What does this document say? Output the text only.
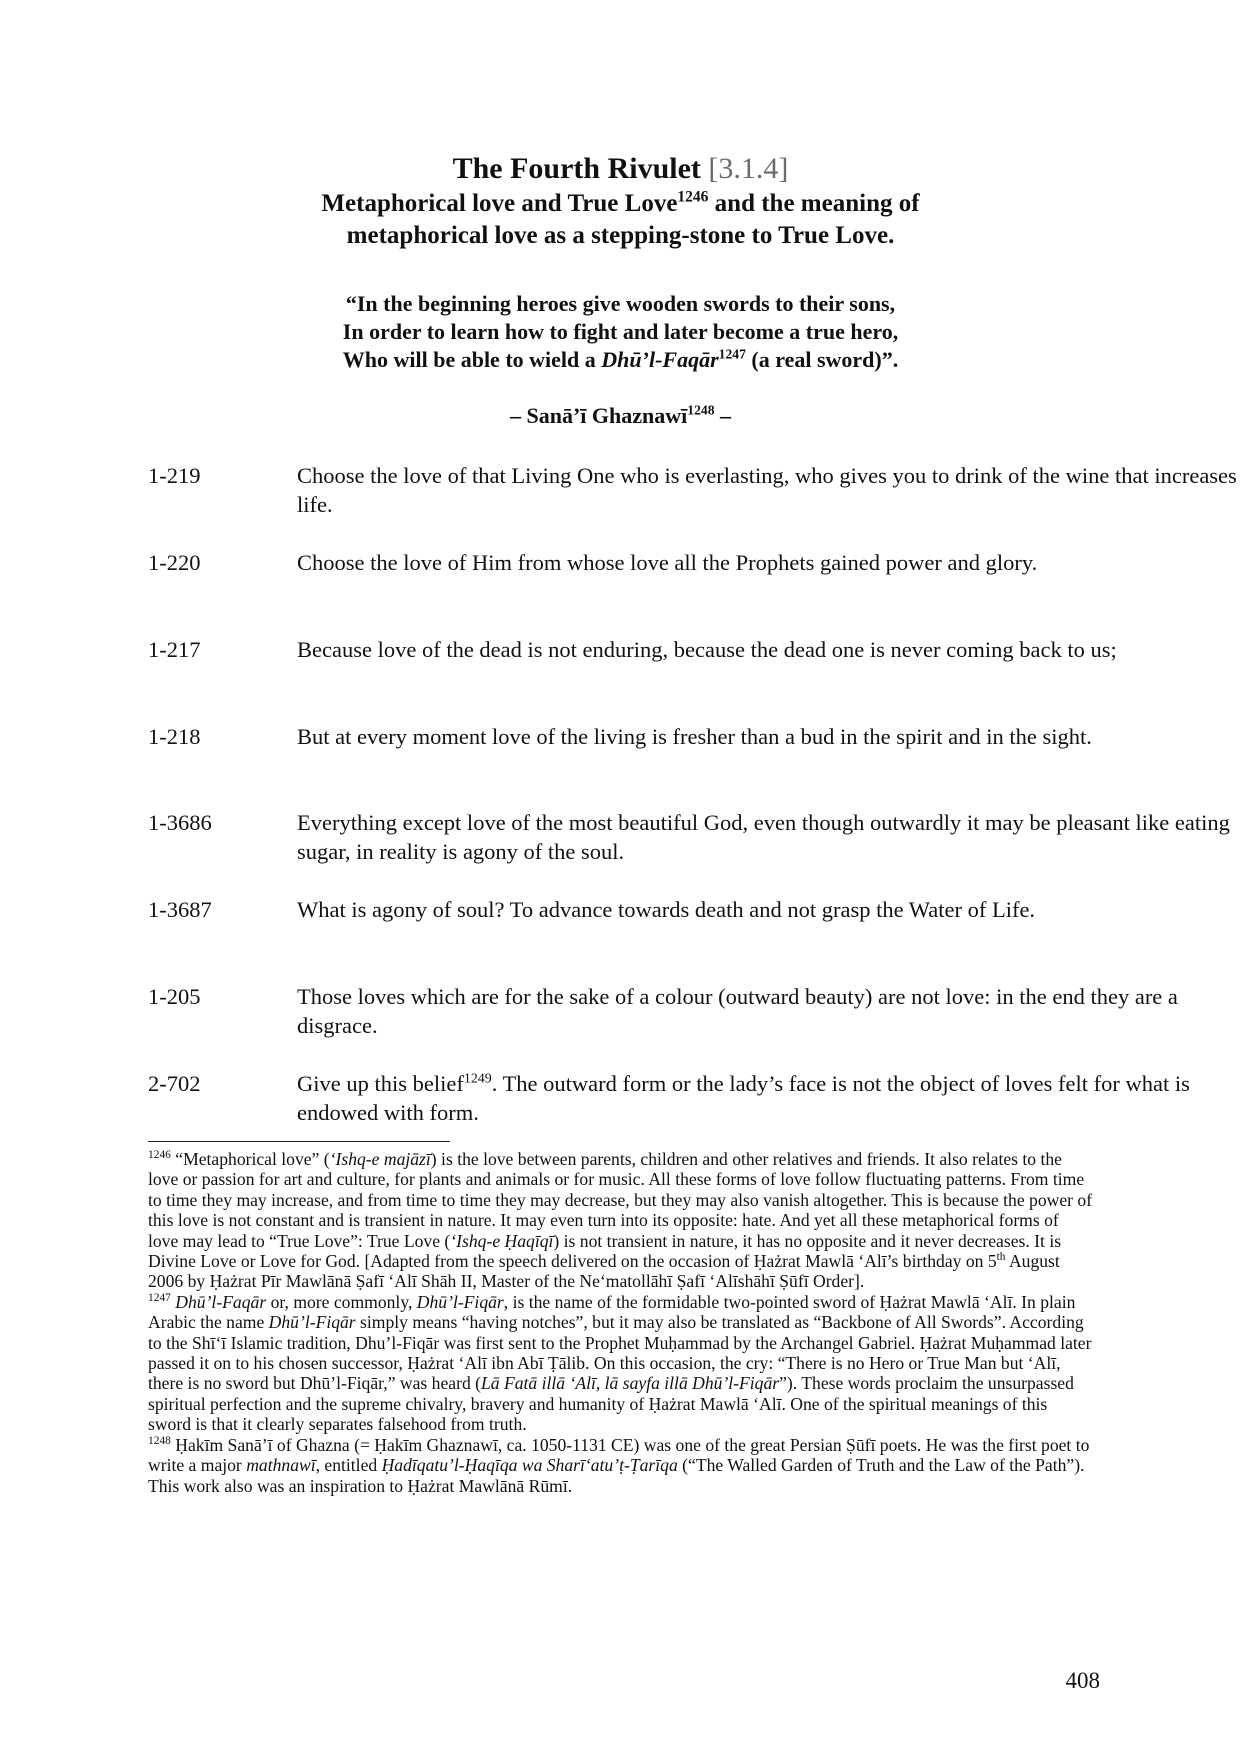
The Fourth Rivulet [3.1.4]
Metaphorical love and True Love$^{1246}$ and the meaning of
metaphorical love as a stepping-stone to True Love.
“In the beginning heroes give wooden swords to their sons,
In order to learn how to fight and later become a true hero,
Who will be able to wield a Dhū’l-Faqār$^{1247}$ (a real sword)”.
– Sanā’ī Ghaznawī$^{1248}$ –
1-219	Choose the love of that Living One who is everlasting, who gives you to drink of the wine that increases life.
1-220	Choose the love of Him from whose love all the Prophets gained power and glory.
1-217	Because love of the dead is not enduring, because the dead one is never coming back to us;
1-218	But at every moment love of the living is fresher than a bud in the spirit and in the sight.
1-3686	Everything except love of the most beautiful God, even though outwardly it may be pleasant like eating sugar, in reality is agony of the soul.
1-3687	What is agony of soul? To advance towards death and not grasp the Water of Life.
1-205	Those loves which are for the sake of a colour (outward beauty) are not love: in the end they are a disgrace.
2-702	Give up this belief$^{1249}$. The outward form or the lady’s face is not the object of loves felt for what is endowed with form.

$^{1246}$ “Metaphorical love” (‘Ishq-e majāzī) is the love between parents, children and other relatives and friends. It also relates to the love or passion for art and culture, for plants and animals or for music. All these forms of love follow fluctuating patterns. From time to time they may increase, and from time to time they may decrease, but they may also vanish altogether. This is because the power of this love is not constant and is transient in nature. It may even turn into its opposite: hate. And yet all these metaphorical forms of love may lead to “True Love”: True Love (‘Ishq-e Ḥaqīqī) is not transient in nature, it has no opposite and it never decreases. It is Divine Love or Love for God. [Adapted from the speech delivered on the occasion of Ḥażrat Mawlā ‘Alī’s birthday on 5th August 2006 by Ḥażrat Pīr Mawlānā Ṣafī ‘Alī Shāh II, Master of the Ne‘matollāhī Ṣafī ‘Alīshāhī Ṣūfī Order].

$^{1247}$ Dhū’l-Faqār or, more commonly, Dhū’l-Fiqār, is the name of the formidable two-pointed sword of Ḥażrat Mawlā ‘Alī. In plain Arabic the name Dhū’l-Fiqār simply means “having notches”, but it may also be translated as “Backbone of All Swords”. According to the Shī‘ī Islamic tradition, Dhu’l-Fiqār was first sent to the Prophet Muḥammad by the Archangel Gabriel. Ḥażrat Muḥammad later passed it on to his chosen successor, Ḥażrat ‘Alī ibn Abī Ṭālib. On this occasion, the cry: “There is no Hero or True Man but ‘Alī, there is no sword but Dhū’l-Fiqār,” was heard (Lā Fatā illā ‘Alī, lā sayfa illā Dhū’l-Fiqār”). These words proclaim the unsurpassed spiritual perfection and the supreme chivalry, bravery and humanity of Ḥażrat Mawlā ‘Alī. One of the spiritual meanings of this sword is that it clearly separates falsehood from truth.

$^{1248}$ Ḥakīm Sanā’ī of Ghazna (= Ḥakīm Ghaznawī, ca. 1050-1131 CE) was one of the great Persian Ṣūfī poets. He was the first poet to write a major mathnawī, entitled Ḥadīqatu’l-Ḥaqīqa wa Sharī‘atu’ṭ-Ṭarīqa (“The Walled Garden of Truth and the Law of the Path”). This work also was an inspiration to Ḥażrat Mawlānā Rūmī.

408
